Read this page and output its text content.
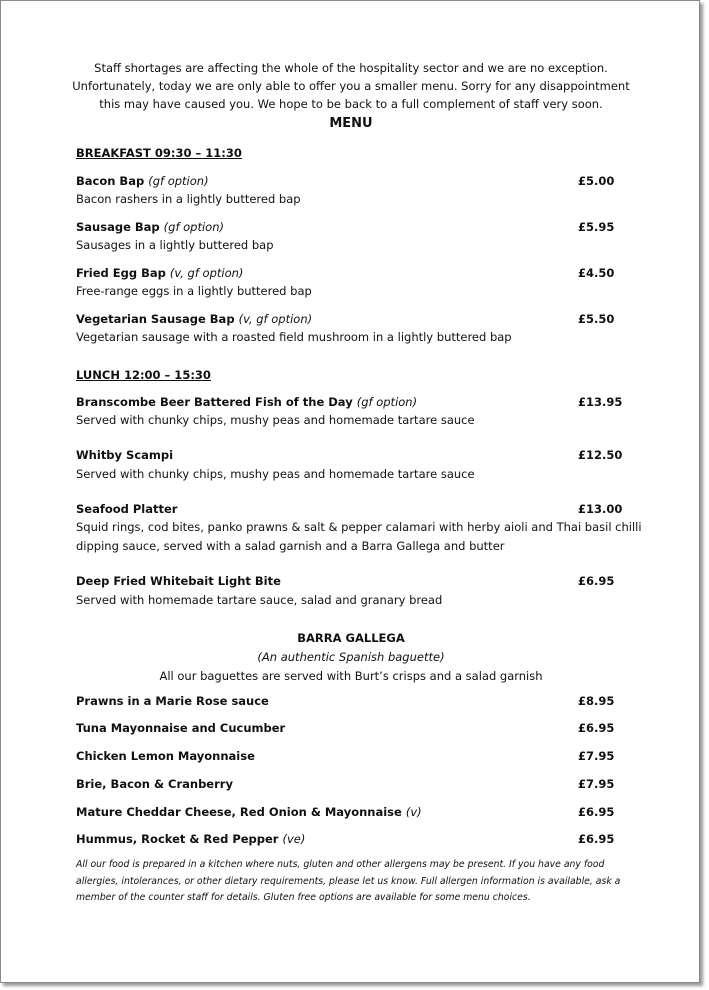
Staff shortages are affecting the whole of the hospitality sector and we are no exception.
Unfortunately, today we are only able to offer you a smaller menu. Sorry for any disappointment
this may have caused you. We hope to be back to a full complement of staff very soon.
MENU
BREAKFAST 09:30 – 11:30
Bacon Bap (gf option)	£5.00
Bacon rashers in a lightly buttered bap
Sausage Bap (gf option)	£5.95
Sausages in a lightly buttered bap
Fried Egg Bap (v, gf option)	£4.50
Free-range eggs in a lightly buttered bap
Vegetarian Sausage Bap (v, gf option)	£5.50
Vegetarian sausage with a roasted field mushroom in a lightly buttered bap
LUNCH 12:00 – 15:30
Branscombe Beer Battered Fish of the Day (gf option)	£13.95
Served with chunky chips, mushy peas and homemade tartare sauce
Whitby Scampi	£12.50
Served with chunky chips, mushy peas and homemade tartare sauce
Seafood Platter	£13.00
Squid rings, cod bites, panko prawns & salt & pepper calamari with herby aioli and Thai basil chilli
dipping sauce, served with a salad garnish and a Barra Gallega and butter
Deep Fried Whitebait Light Bite	£6.95
Served with homemade tartare sauce, salad and granary bread
BARRA GALLEGA
(An authentic Spanish baguette)
All our baguettes are served with Burt’s crisps and a salad garnish
Prawns in a Marie Rose sauce	£8.95
Tuna Mayonnaise and Cucumber	£6.95
Chicken Lemon Mayonnaise	£7.95
Brie, Bacon & Cranberry	£7.95
Mature Cheddar Cheese, Red Onion & Mayonnaise (v)	£6.95
Hummus, Rocket & Red Pepper (ve)	£6.95
All our food is prepared in a kitchen where nuts, gluten and other allergens may be present. If you have any food
allergies, intolerances, or other dietary requirements, please let us know. Full allergen information is available, ask a
member of the counter staff for details. Gluten free options are available for some menu choices.
